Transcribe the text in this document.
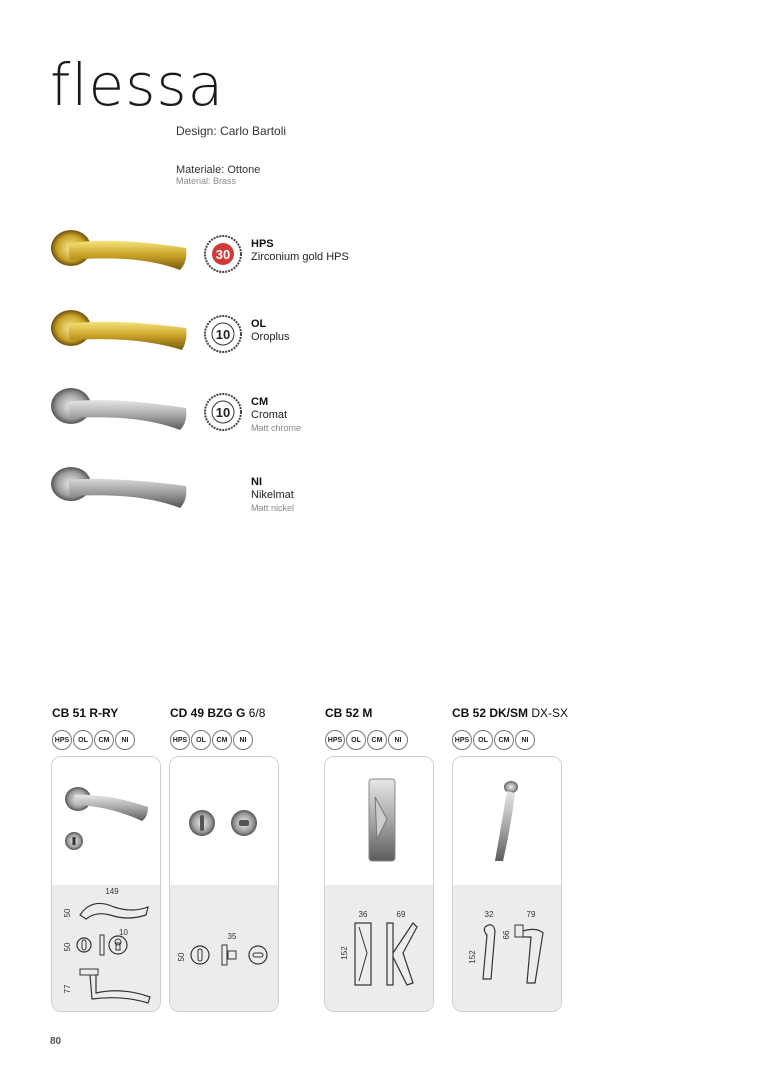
flessa
Design: Carlo Bartoli
Materiale: Ottone
Material: Brass
30
HPS
Zirconium gold HPS
10
OL
Oroplus
10
CM
Cromat
Matt chrome
NI
Nikelmat
Matt nickel
CB 51 R-RY
HPS	OL	CM	NI
CD 49 BZG G 6/8
HPS	OL	CM	NI
CB 52 M
HPS	OL	CM	NI
CB 52 DK/SM DX-SX
HPS	OL	CM	NI
149
50
50
10
77
35
50
36	69
152
32	79
66
152
80
